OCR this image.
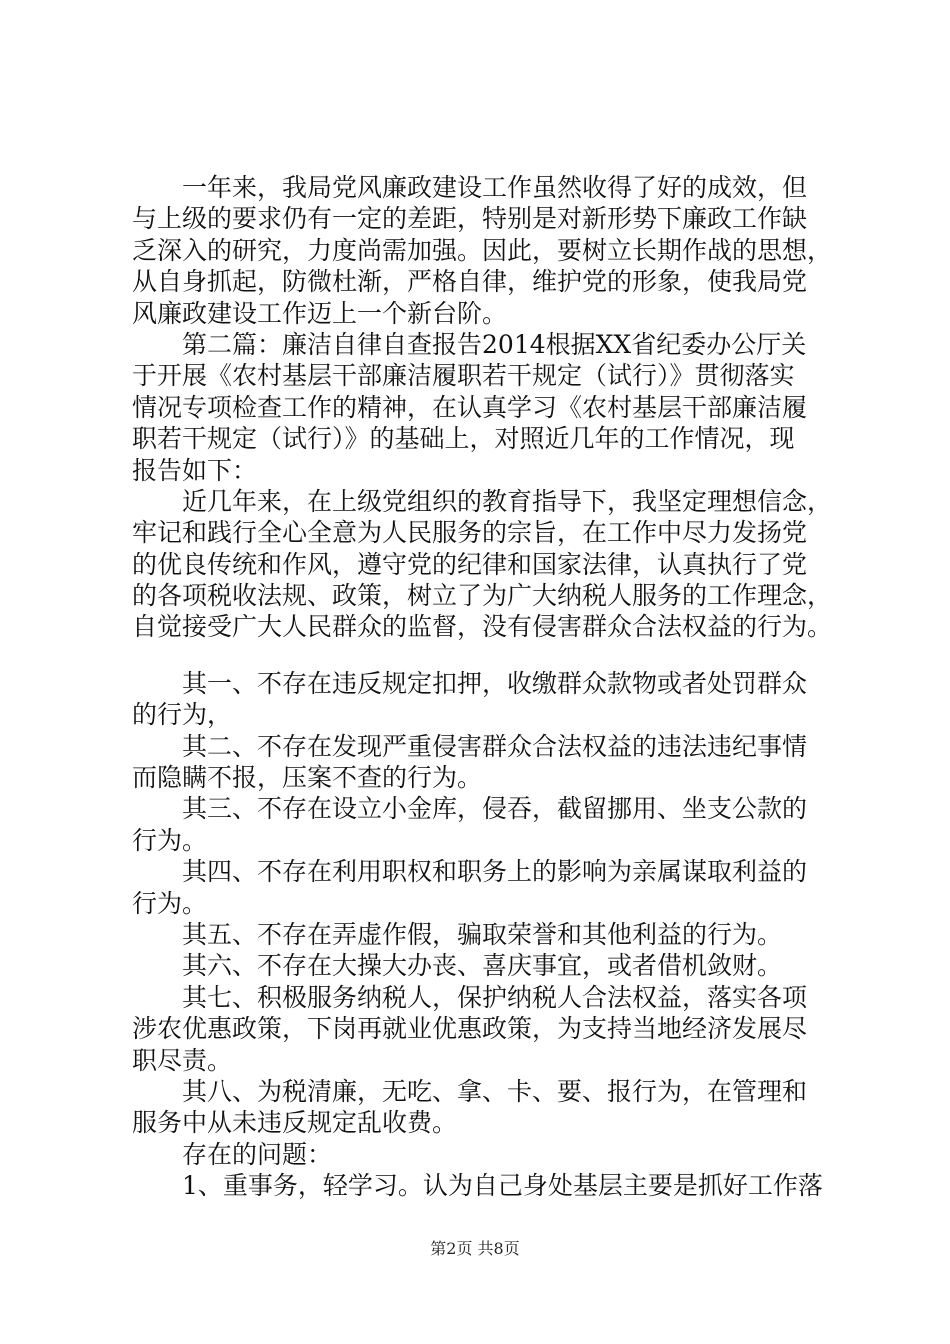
一年来，我局党风廉政建设工作虽然收得了好的成效，但
与上级的要求仍有一定的差距，特别是对新形势下廉政工作缺
乏深入的研究，力度尚需加强。因此，要树立长期作战的思想，
从自身抓起，防微杜渐，严格自律，维护党的形象，使我局党
风廉政建设工作迈上一个新台阶。
第二篇：廉洁自律自查报告2014根据XX省纪委办公厅关
于开展《农村基层干部廉洁履职若干规定（试行）》贯彻落实
情况专项检查工作的精神，在认真学习《农村基层干部廉洁履
职若干规定（试行）》的基础上，对照近几年的工作情况，现
报告如下：
近几年来，在上级党组织的教育指导下，我坚定理想信念，
牢记和践行全心全意为人民服务的宗旨，在工作中尽力发扬党
的优良传统和作风，遵守党的纪律和国家法律，认真执行了党
的各项税收法规、政策，树立了为广大纳税人服务的工作理念，
自觉接受广大人民群众的监督，没有侵害群众合法权益的行为。
其一、不存在违反规定扣押，收缴群众款物或者处罚群众
的行为，
其二、不存在发现严重侵害群众合法权益的违法违纪事情
而隐瞒不报，压案不查的行为。
其三、不存在设立小金库，侵吞，截留挪用、坐支公款的
行为。
其四、不存在利用职权和职务上的影响为亲属谋取利益的
行为。
其五、不存在弄虚作假，骗取荣誉和其他利益的行为。
其六、不存在大操大办丧、喜庆事宜，或者借机敛财。
其七、积极服务纳税人，保护纳税人合法权益，落实各项
涉农优惠政策，下岗再就业优惠政策，为支持当地经济发展尽
职尽责。
其八、为税清廉，无吃、拿、卡、要、报行为，在管理和
服务中从未违反规定乱收费。
存在的问题：
1、重事务，轻学习。认为自己身处基层主要是抓好工作落
第2页 共8页
